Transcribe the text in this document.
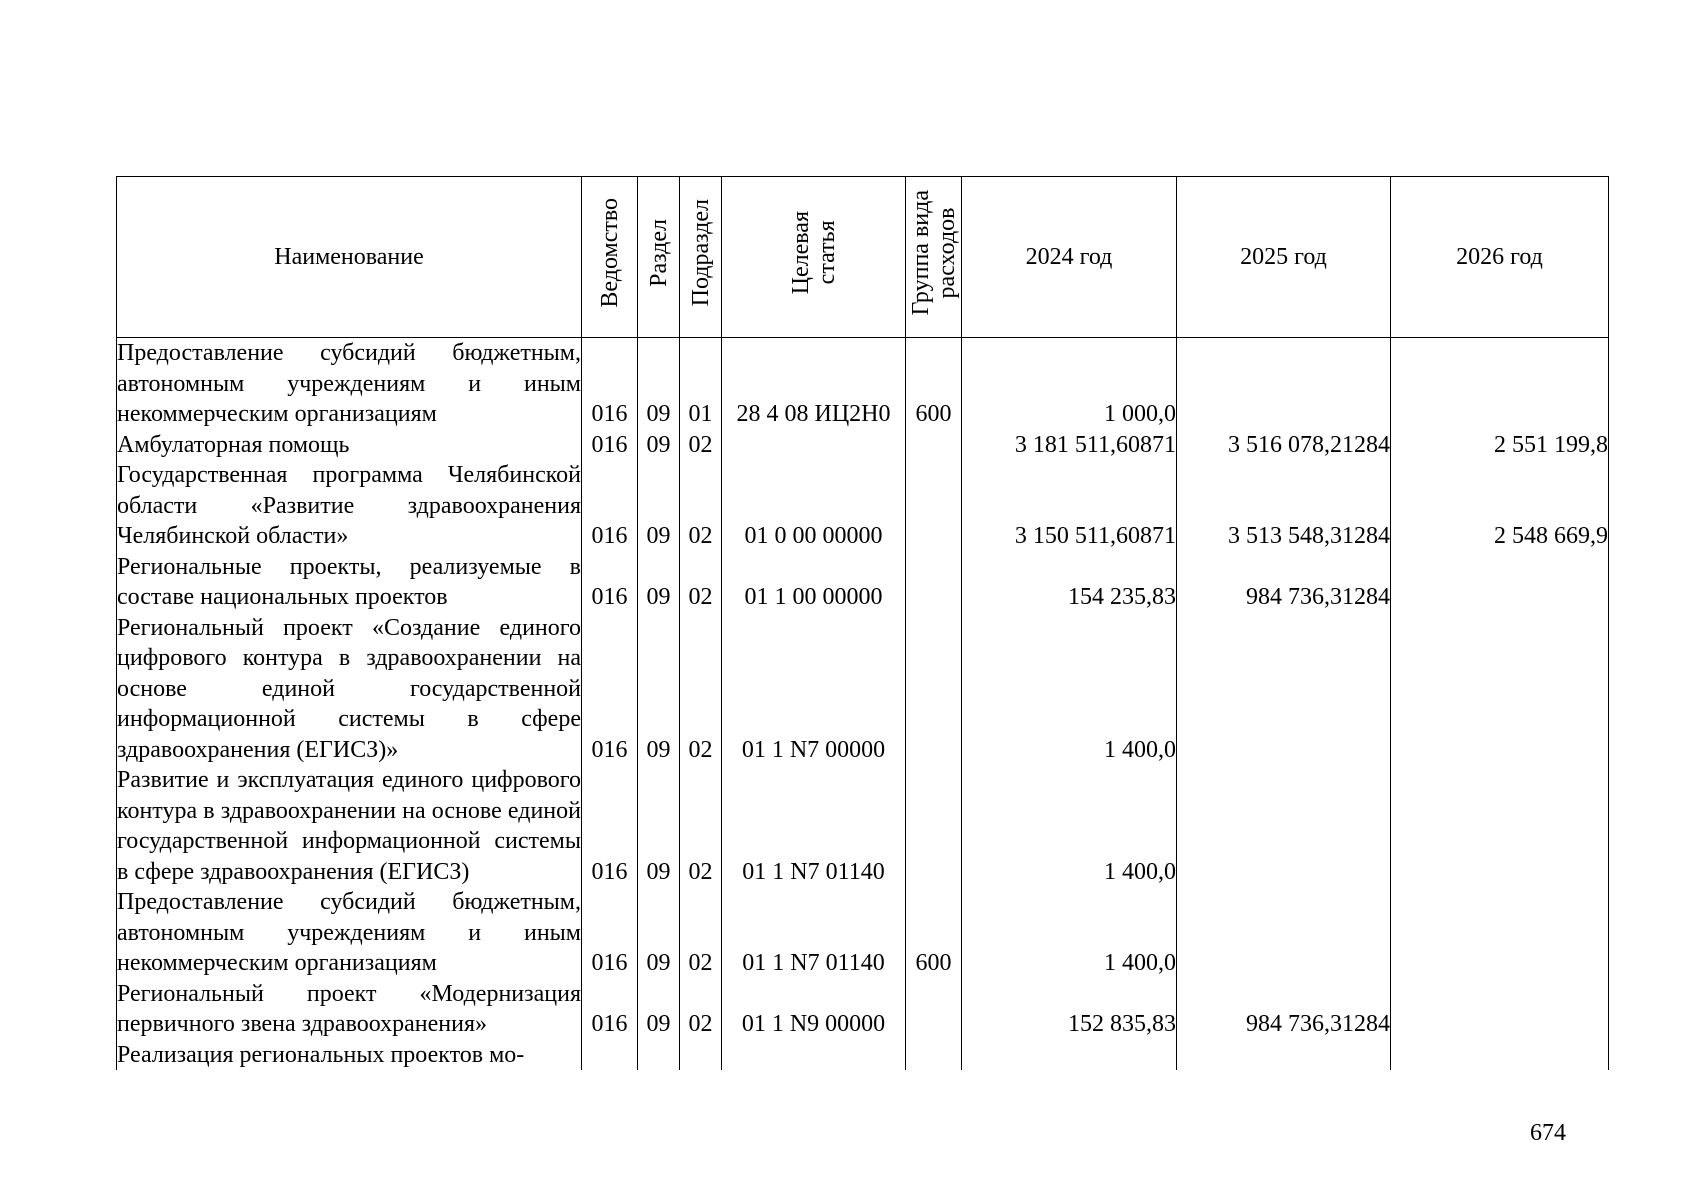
Наименование	Ведомство	Раздел	Подраздел	Целевая
статья	Группа вида
расходов	2024 год	2025 год	2026 год
Предоставление субсидий бюджетным, автономным учреждениям и иным некоммерческим организациям	016	09	01	28 4 08 ИЦ2Н0	600	1 000,0		
Амбулаторная помощь	016	09	02			3 181 511,60871	3 516 078,21284	2 551 199,8
Государственная программа Челябинской области «Развитие здравоохранения Челябинской области»	016	09	02	01 0 00 00000		3 150 511,60871	3 513 548,31284	2 548 669,9
Региональные проекты, реализуемые в составе национальных проектов	016	09	02	01 1 00 00000		154 235,83	984 736,31284	
Региональный проект «Создание единого цифрового контура в здравоохранении на основе единой государственной информационной системы в сфере здравоохранения (ЕГИСЗ)»	016	09	02	01 1 N7 00000		1 400,0		
Развитие и эксплуатация единого цифрового контура в здравоохранении на основе единой государственной информационной системы в сфере здравоохранения (ЕГИСЗ)	016	09	02	01 1 N7 01140		1 400,0		
Предоставление субсидий бюджетным, автономным учреждениям и иным некоммерческим организациям	016	09	02	01 1 N7 01140	600	1 400,0		
Региональный проект «Модернизация первичного звена здравоохранения»	016	09	02	01 1 N9 00000		152 835,83	984 736,31284	
Реализация региональных проектов мо-								
674
